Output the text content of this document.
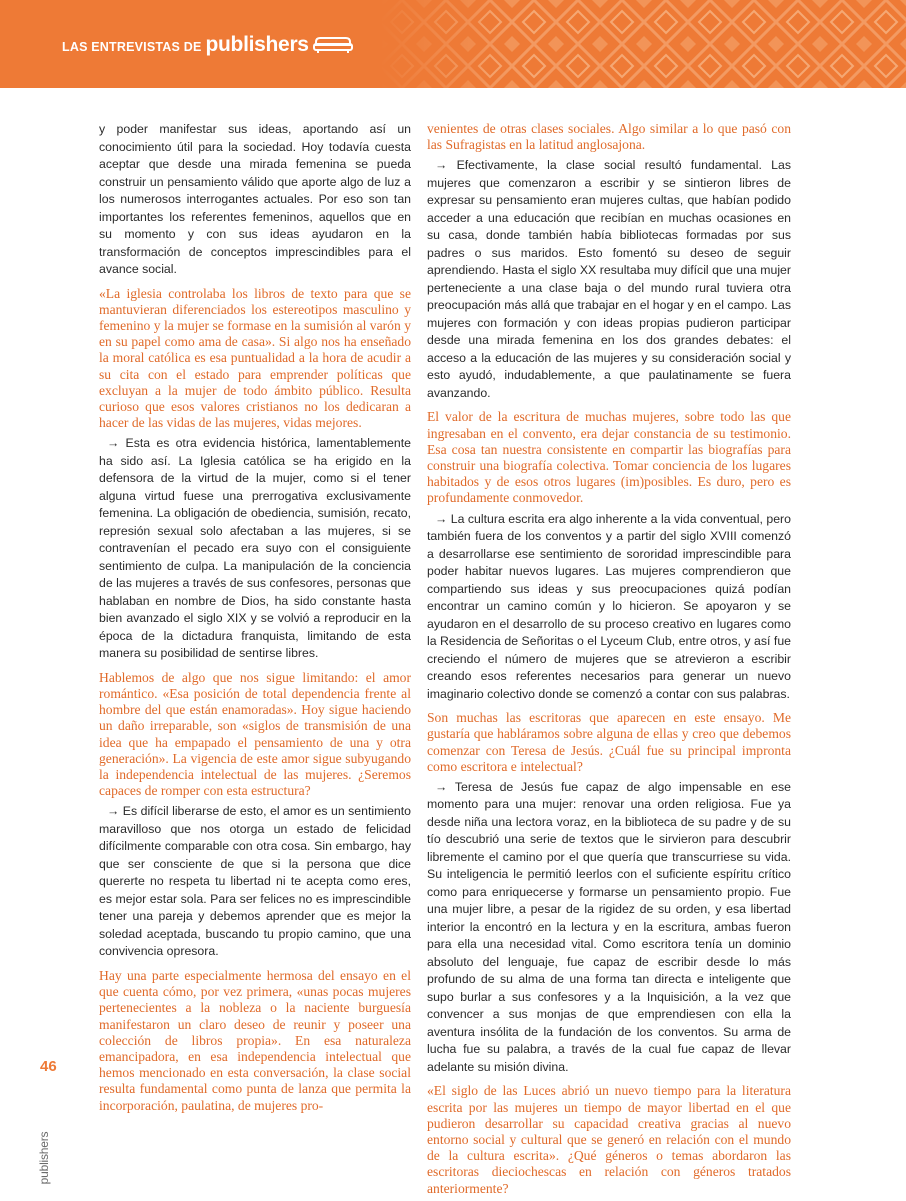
LAS ENTREVISTAS DE publishers

y poder manifestar sus ideas, aportando así un conocimiento útil para la sociedad. Hoy todavía cuesta aceptar que desde una mirada femenina se pueda construir un pensamiento válido que aporte algo de luz a los numerosos interrogantes actuales. Por eso son tan importantes los referentes femeninos, aquellos que en su momento y con sus ideas ayudaron en la transformación de conceptos imprescindibles para el avance social.

«La iglesia controlaba los libros de texto para que se mantuvieran diferenciados los estereotipos masculino y femenino y la mujer se formase en la sumisión al varón y en su papel como ama de casa». Si algo nos ha enseñado la moral católica es esa puntualidad a la hora de acudir a su cita con el estado para emprender políticas que excluyan a la mujer de todo ámbito público. Resulta curioso que esos valores cristianos no los dedicaran a hacer de las vidas de las mujeres, vidas mejores.

→ Esta es otra evidencia histórica, lamentablemente ha sido así. La Iglesia católica se ha erigido en la defensora de la virtud de la mujer, como si el tener alguna virtud fuese una prerrogativa exclusivamente femenina. La obligación de obediencia, sumisión, recato, represión sexual solo afectaban a las mujeres, si se contravenían el pecado era suyo con el consiguiente sentimiento de culpa. La manipulación de la conciencia de las mujeres a través de sus confesores, personas que hablaban en nombre de Dios, ha sido constante hasta bien avanzado el siglo XIX y se volvió a reproducir en la época de la dictadura franquista, limitando de esta manera su posibilidad de sentirse libres.

Hablemos de algo que nos sigue limitando: el amor romántico. «Esa posición de total dependencia frente al hombre del que están enamoradas». Hoy sigue haciendo un daño irreparable, son «siglos de transmisión de una idea que ha empapado el pensamiento de una y otra generación». La vigencia de este amor sigue subyugando la independencia intelectual de las mujeres. ¿Seremos capaces de romper con esta estructura?

→ Es difícil liberarse de esto, el amor es un sentimiento maravilloso que nos otorga un estado de felicidad difícilmente comparable con otra cosa. Sin embargo, hay que ser consciente de que si la persona que dice quererte no respeta tu libertad ni te acepta como eres, es mejor estar sola. Para ser felices no es imprescindible tener una pareja y debemos aprender que es mejor la soledad aceptada, buscando tu propio camino, que una convivencia opresora.

Hay una parte especialmente hermosa del ensayo en el que cuenta cómo, por vez primera, «unas pocas mujeres pertenecientes a la nobleza o la naciente burguesía manifestaron un claro deseo de reunir y poseer una colección de libros propia». En esa naturaleza emancipadora, en esa independencia intelectual que hemos mencionado en esta conversación, la clase social resulta fundamental como punta de lanza que permita la incorporación, paulatina, de mujeres pro-

venientes de otras clases sociales. Algo similar a lo que pasó con las Sufragistas en la latitud anglosajona.

→ Efectivamente, la clase social resultó fundamental. Las mujeres que comenzaron a escribir y se sintieron libres de expresar su pensamiento eran mujeres cultas, que habían podido acceder a una educación que recibían en muchas ocasiones en su casa, donde también había bibliotecas formadas por sus padres o sus maridos. Esto fomentó su deseo de seguir aprendiendo. Hasta el siglo XX resultaba muy difícil que una mujer perteneciente a una clase baja o del mundo rural tuviera otra preocupación más allá que trabajar en el hogar y en el campo. Las mujeres con formación y con ideas propias pudieron participar desde una mirada femenina en los dos grandes debates: el acceso a la educación de las mujeres y su consideración social y esto ayudó, indudablemente, a que paulatinamente se fuera avanzando.

El valor de la escritura de muchas mujeres, sobre todo las que ingresaban en el convento, era dejar constancia de su testimonio. Esa cosa tan nuestra consistente en compartir las biografías para construir una biografía colectiva. Tomar conciencia de los lugares habitados y de esos otros lugares (im)posibles. Es duro, pero es profundamente conmovedor.

→ La cultura escrita era algo inherente a la vida conventual, pero también fuera de los conventos y a partir del siglo XVIII comenzó a desarrollarse ese sentimiento de sororidad imprescindible para poder habitar nuevos lugares. Las mujeres comprendieron que compartiendo sus ideas y sus preocupaciones quizá podían encontrar un camino común y lo hicieron. Se apoyaron y se ayudaron en el desarrollo de su proceso creativo en lugares como la Residencia de Señoritas o el Lyceum Club, entre otros, y así fue creciendo el número de mujeres que se atrevieron a escribir creando esos referentes necesarios para generar un nuevo imaginario colectivo donde se comenzó a contar con sus palabras.

Son muchas las escritoras que aparecen en este ensayo. Me gustaría que habláramos sobre alguna de ellas y creo que debemos comenzar con Teresa de Jesús. ¿Cuál fue su principal impronta como escritora e intelectual?

→ Teresa de Jesús fue capaz de algo impensable en ese momento para una mujer: renovar una orden religiosa. Fue ya desde niña una lectora voraz, en la biblioteca de su padre y de su tío descubrió una serie de textos que le sirvieron para descubrir libremente el camino por el que quería que transcurriese su vida. Su inteligencia le permitió leerlos con el suficiente espíritu crítico como para enriquecerse y formarse un pensamiento propio. Fue una mujer libre, a pesar de la rigidez de su orden, y esa libertad interior la encontró en la lectura y en la escritura, ambas fueron para ella una necesidad vital. Como escritora tenía un dominio absoluto del lenguaje, fue capaz de escribir desde lo más profundo de su alma de una forma tan directa e inteligente que supo burlar a sus confesores y a la Inquisición, a la vez que convencer a sus monjas de que emprendiesen con ella la aventura insólita de la fundación de los conventos. Su arma de lucha fue su palabra, a través de la cual fue capaz de llevar adelante su misión divina.

«El siglo de las Luces abrió un nuevo tiempo para la literatura escrita por las mujeres un tiempo de mayor libertad en el que pudieron desarrollar su capacidad creativa gracias al nuevo entorno social y cultural que se generó en relación con el mundo de la cultura escrita». ¿Qué géneros o temas abordaron las escritoras dieciochescas en relación con géneros tratados anteriormente?

46
publishers
